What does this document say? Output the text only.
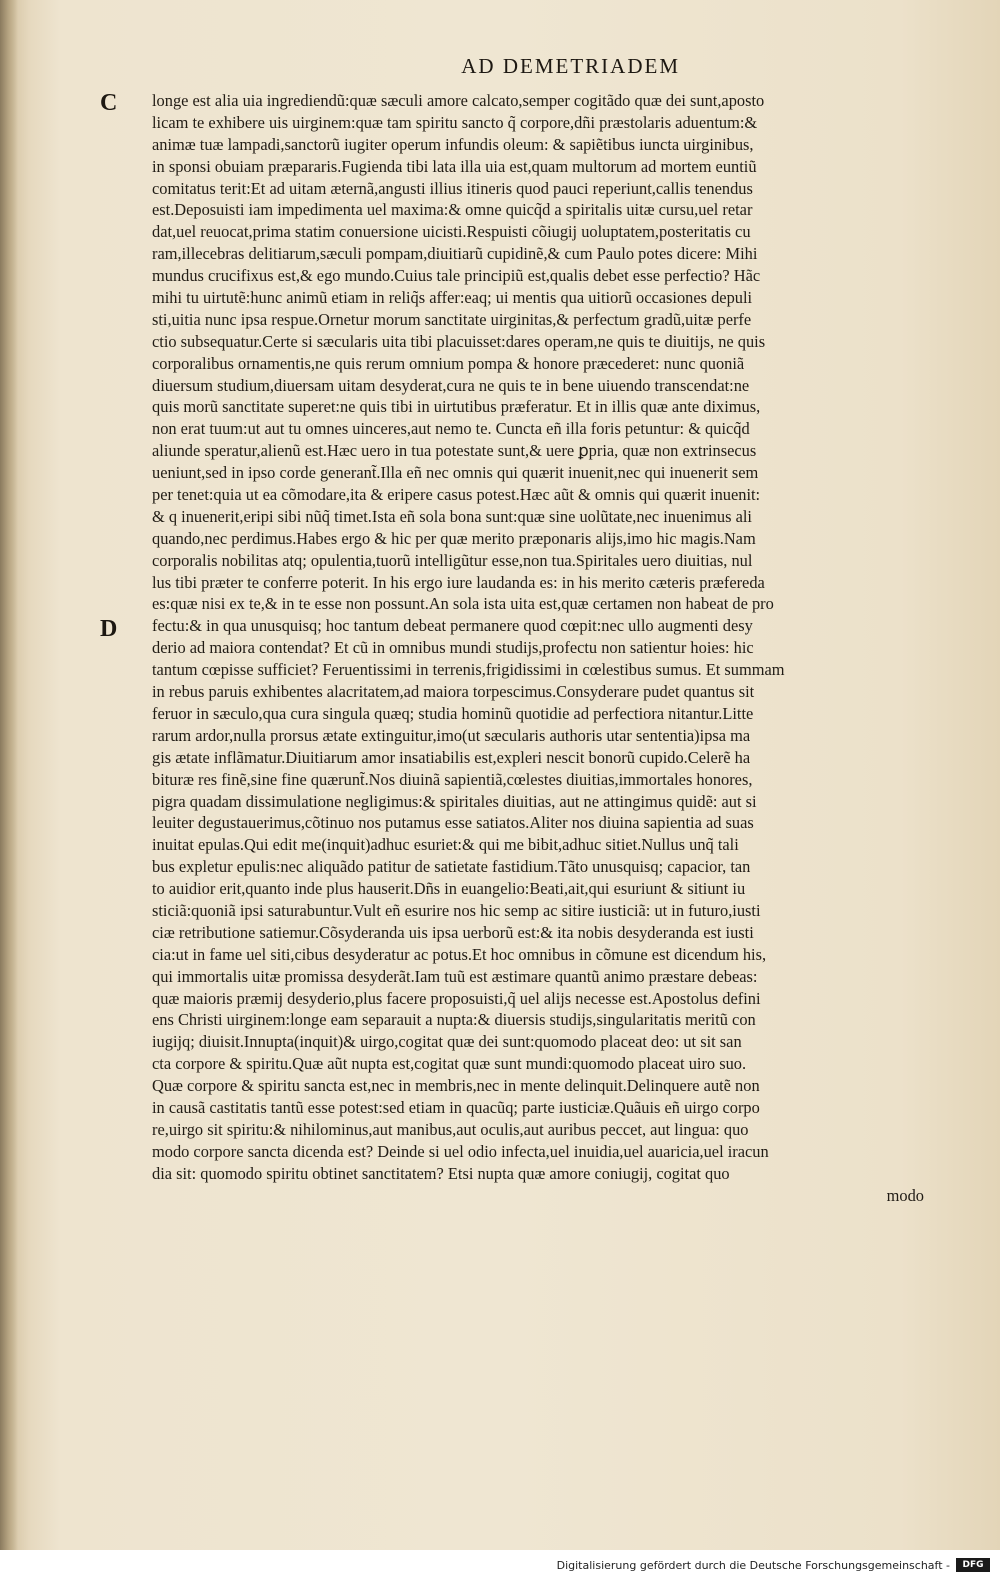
AD DEMETRIADEM
C
D
longe est alia uia ingrediendũ:quæ sæculi amore calcato,semper cogitãdo quæ dei sunt,aposto
licam te exhibere uis uirginem:quæ tam spiritu sancto q̃ corpore,dñi præstolaris aduentum:&
animæ tuæ lampadi,sanctorũ iugiter operum infundis oleum: & sapiẽtibus iuncta uirginibus,
in sponsi obuiam præpararis.Fugienda tibi lata illa uia est,quam multorum ad mortem euntiũ
comitatus terit:Et ad uitam æternã,angusti illius itineris quod pauci reperiunt,callis tenendus
est.Deposuisti iam impedimenta uel maxima:& omne quicq̃d a spiritalis uitæ cursu,uel retar
dat,uel reuocat,prima statim conuersione uicisti.Respuisti cõiugĳ uoluptatem,posteritatis cu
ram,illecebras delitiarum,sæculi pompam,diuitiarũ cupidinẽ,& cum Paulo potes dicere: Mihi
mundus crucifixus est,& ego mundo.Cuius tale principiũ est,qualis debet esse perfectio? Hãc
mihi tu uirtutẽ:hunc animũ etiam in reliq̃s affer:eaq; ui mentis qua uitiorũ occasiones depuli
sti,uitia nunc ipsa respue.Ornetur morum sanctitate uirginitas,& perfectum gradũ,uitæ perfe
ctio subsequatur.Certe si sæcularis uita tibi placuisset:dares operam,ne quis te diuitĳs, ne quis
corporalibus ornamentis,ne quis rerum omnium pompa & honore præcederet: nunc quoniã
diuersum studium,diuersam uitam desyderat,cura ne quis te in bene uiuendo transcendat:ne
quis morũ sanctitate superet:ne quis tibi in uirtutibus præferatur. Et in illis quæ ante diximus,
non erat tuum:ut aut tu omnes uinceres,aut nemo te. Cuncta eñ illa foris petuntur: & quicq̃d
aliunde speratur,alienũ est.Hæc uero in tua potestate sunt,& uere ꝑpria, quæ non extrinsecus
ueniunt,sed in ipso corde generant̃.Illa eñ nec omnis qui quærit inuenit,nec qui inuenerit sem
per tenet:quia ut ea cõmodare,ita & eripere casus potest.Hæc aũt & omnis qui quærit inuenit:
& q inuenerit,eripi sibi nũq̃ timet.Ista eñ sola bona sunt:quæ sine uolũtate,nec inuenimus ali
quando,nec perdimus.Habes ergo & hic per quæ merito præponaris alĳs,imo hic magis.Nam
corporalis nobilitas atq; opulentia,tuorũ intelligũtur esse,non tua.Spiritales uero diuitias, nul
lus tibi præter te conferre poterit. In his ergo iure laudanda es: in his merito cæteris præfereda
es:quæ nisi ex te,& in te esse non possunt.An sola ista uita est,quæ certamen non habeat de pro
fectu:& in qua unusquisq; hoc tantum debeat permanere quod cœpit:nec ullo augmenti desy
derio ad maiora contendat? Et cũ in omnibus mundi studĳs,profectu non satientur hoies: hic
tantum cœpisse sufficiet? Feruentissimi in terrenis,frigidissimi in cœlestibus sumus. Et summam
in rebus paruis exhibentes alacritatem,ad maiora torpescimus.Consyderare pudet quantus sit
feruor in sæculo,qua cura singula quæq; studia hominũ quotidie ad perfectiora nitantur.Litte
rarum ardor,nulla prorsus ætate extinguitur,imo(ut sæcularis authoris utar sententia)ipsa ma
gis ætate inflãmatur.Diuitiarum amor insatiabilis est,expleri nescit bonorũ cupido.Celerẽ ha
bituræ res finẽ,sine fine quærunt̃.Nos diuinã sapientiã,cœlestes diuitias,immortales honores,
pigra quadam dissimulatione negligimus:& spiritales diuitias, aut ne attingimus quidẽ: aut si
leuiter degustauerimus,cõtinuo nos putamus esse satiatos.Aliter nos diuina sapientia ad suas
inuitat epulas.Qui edit me(inquit)adhuc esuriet:& qui me bibit,adhuc sitiet.Nullus unq̃ tali
bus expletur epulis:nec aliquãdo patitur de satietate fastidium.Tãto unusquisq; capacior, tan
to auidior erit,quanto inde plus hauserit.Dñs in euangelio:Beati,ait,qui esuriunt & sitiunt iu
sticiã:quoniã ipsi saturabuntur.Vult eñ esurire nos hic semp ac sitire iusticiã: ut in futuro,iusti
ciæ retributione satiemur.Cõsyderanda uis ipsa uerborũ est:& ita nobis desyderanda est iusti
cia:ut in fame uel siti,cibus desyderatur ac potus.Et hoc omnibus in cõmune est dicendum his,
qui immortalis uitæ promissa desyderãt.Iam tuũ est æstimare quantũ animo præstare debeas:
quæ maioris præmĳ desyderio,plus facere proposuisti,q̃ uel alĳs necesse est.Apostolus defini
ens Christi uirginem:longe eam separauit a nupta:& diuersis studĳs,singularitatis meritũ con
iugĳq; diuisit.Innupta(inquit)& uirgo,cogitat quæ dei sunt:quomodo placeat deo: ut sit san
cta corpore & spiritu.Quæ aũt nupta est,cogitat quæ sunt mundi:quomodo placeat uiro suo.
Quæ corpore & spiritu sancta est,nec in membris,nec in mente delinquit.Delinquere autẽ non
in causã castitatis tantũ esse potest:sed etiam in quacũq; parte iusticiæ.Quãuis eñ uirgo corpo
re,uirgo sit spiritu:& nihilominus,aut manibus,aut oculis,aut auribus peccet, aut lingua: quo
modo corpore sancta dicenda est? Deinde si uel odio infecta,uel inuidia,uel auaricia,uel iracun
dia sit: quomodo spiritu obtinet sanctitatem? Etsi nupta quæ amore coniugĳ, cogitat quo
modo
Digitalisierung gefördert durch die Deutsche Forschungsgemeinschaft -	DFG
